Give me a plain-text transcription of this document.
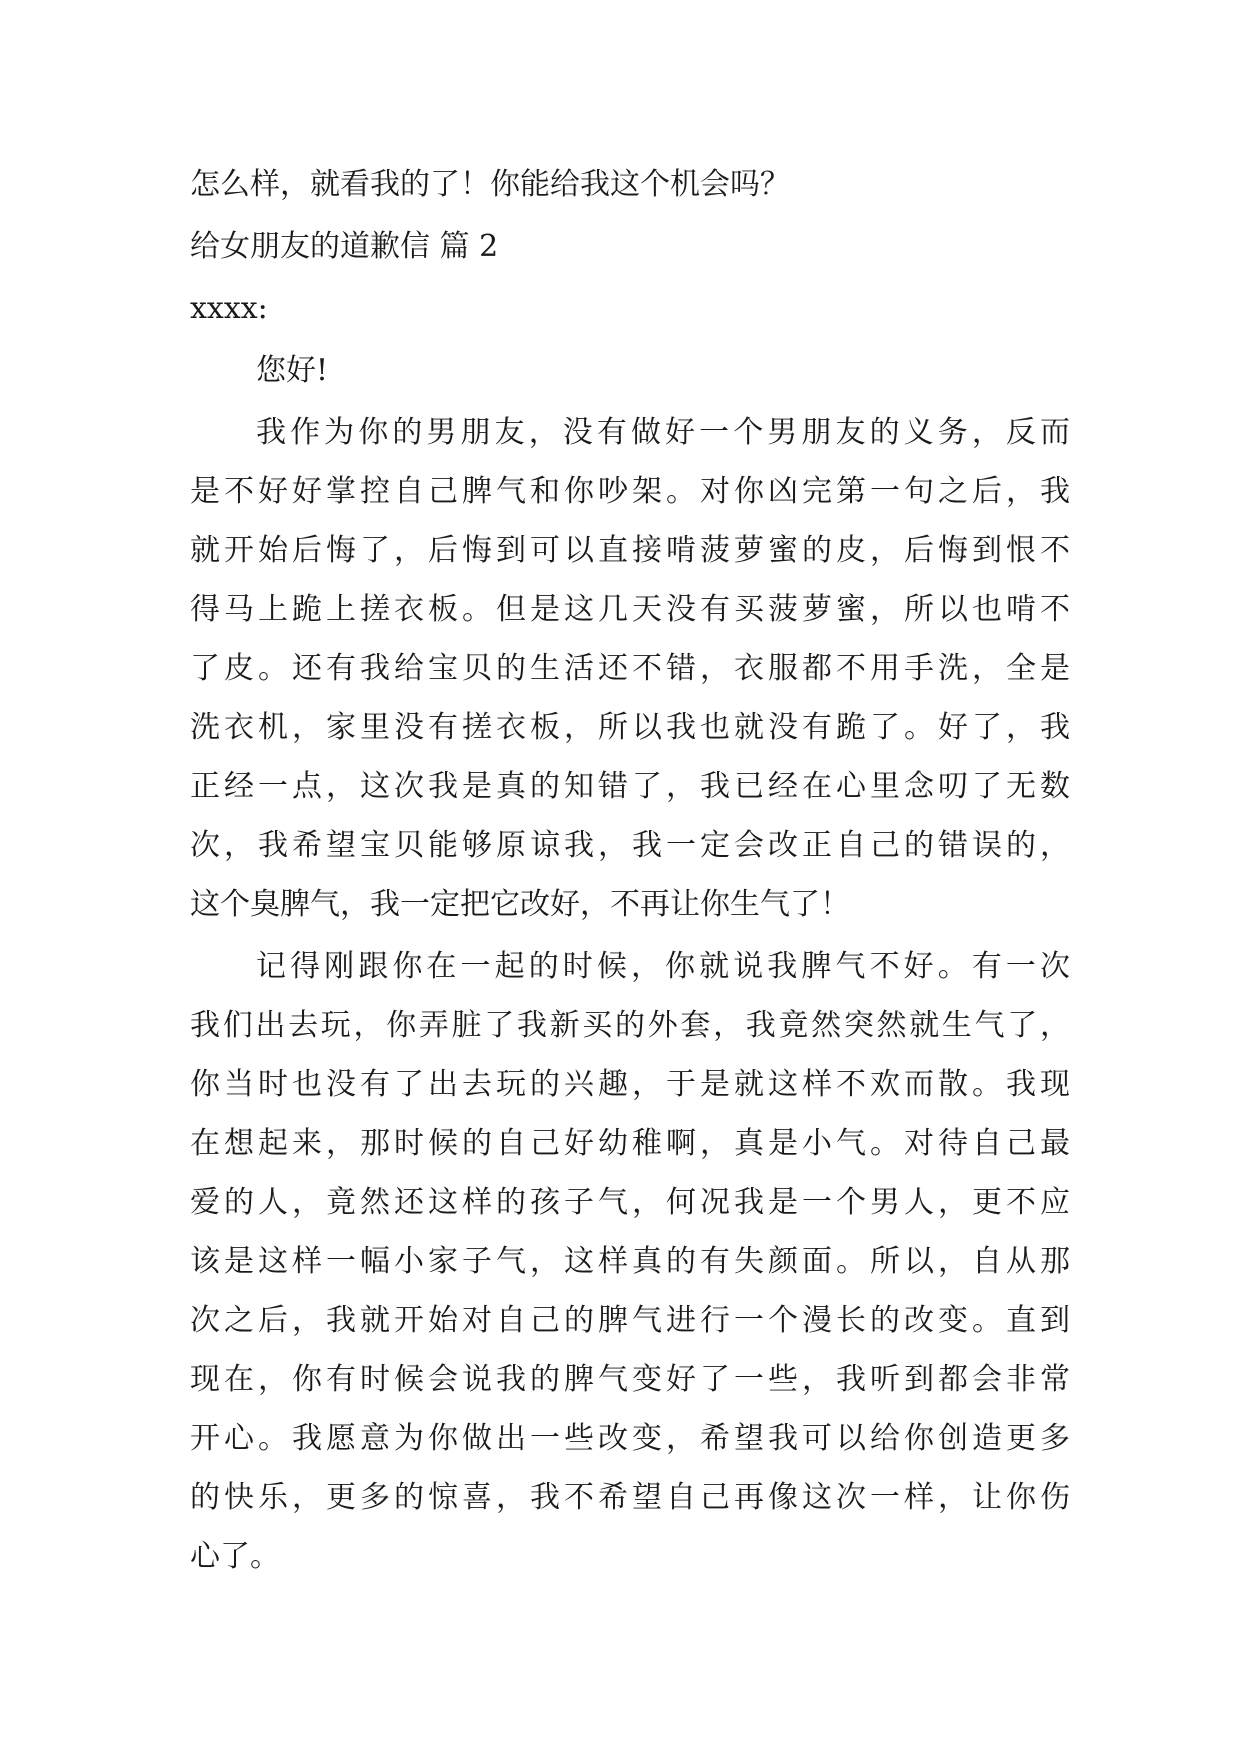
怎么样，就看我的了！你能给我这个机会吗？
给女朋友的道歉信 篇 2
xxxx:
您好!
我作为你的男朋友，没有做好一个男朋友的义务，反而
是不好好掌控自己脾气和你吵架。对你凶完第一句之后，我
就开始后悔了，后悔到可以直接啃菠萝蜜的皮，后悔到恨不
得马上跪上搓衣板。但是这几天没有买菠萝蜜，所以也啃不
了皮。还有我给宝贝的生活还不错，衣服都不用手洗，全是
洗衣机，家里没有搓衣板，所以我也就没有跪了。好了，我
正经一点，这次我是真的知错了，我已经在心里念叨了无数
次，我希望宝贝能够原谅我，我一定会改正自己的错误的，
这个臭脾气，我一定把它改好，不再让你生气了！
记得刚跟你在一起的时候，你就说我脾气不好。有一次
我们出去玩，你弄脏了我新买的外套，我竟然突然就生气了，
你当时也没有了出去玩的兴趣，于是就这样不欢而散。我现
在想起来，那时候的自己好幼稚啊，真是小气。对待自己最
爱的人，竟然还这样的孩子气，何况我是一个男人，更不应
该是这样一幅小家子气，这样真的有失颜面。所以，自从那
次之后，我就开始对自己的脾气进行一个漫长的改变。直到
现在，你有时候会说我的脾气变好了一些，我听到都会非常
开心。我愿意为你做出一些改变，希望我可以给你创造更多
的快乐，更多的惊喜，我不希望自己再像这次一样，让你伤
心了。
